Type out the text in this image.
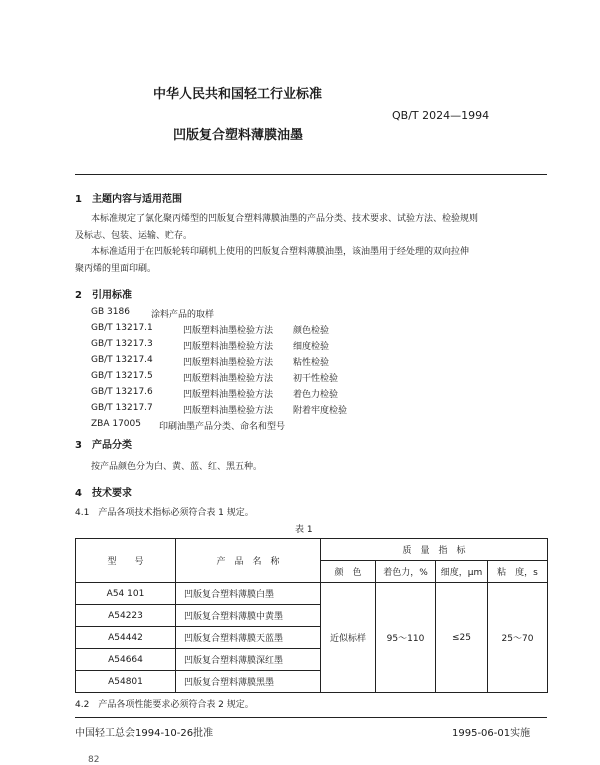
中华人民共和国轻工行业标准
QB/T 2024—1994
凹版复合塑料薄膜油墨
1　主题内容与适用范围
本标准规定了氯化聚丙烯型的凹版复合塑料薄膜油墨的产品分类、技术要求、试验方法、检验规则
及标志、包装、运输、贮存。
本标准适用于在凹版轮转印刷机上使用的凹版复合塑料薄膜油墨，该油墨用于经处理的双向拉伸
聚丙烯的里面印刷。
2　引用标准
GB 3186 涂料产品的取样
GB/T 13217.1	凹版塑料油墨检验方法 颜色检验
GB/T 13217.3	凹版塑料油墨检验方法 细度检验
GB/T 13217.4	凹版塑料油墨检验方法 粘性检验
GB/T 13217.5	凹版塑料油墨检验方法 初干性检验
GB/T 13217.6	凹版塑料油墨检验方法 着色力检验
GB/T 13217.7	凹版塑料油墨检验方法 附着牢度检验
ZBA 17005 印刷油墨产品分类、命名和型号
3　产品分类
按产品颜色分为白、黄、蓝、红、黑五种。
4　技术要求
4.1　产品各项技术指标必须符合表 1 规定。
表 1
型　　号	产　品　名　称	质　量　指　标			
		颜　色	着色力，%	细度，μm	粘　度，s
A54 101	凹版复合塑料薄膜白墨	近似标样	95～110	≤25	25～70
A54223	凹版复合塑料薄膜中黄墨				
A54442	凹版复合塑料薄膜天蓝墨				
A54664	凹版复合塑料薄膜深红墨				
A54801	凹版复合塑料薄膜黑墨				
4.2　产品各项性能要求必须符合表 2 规定。
中国轻工总会1994-10-26批准	1995-06-01实施
82
